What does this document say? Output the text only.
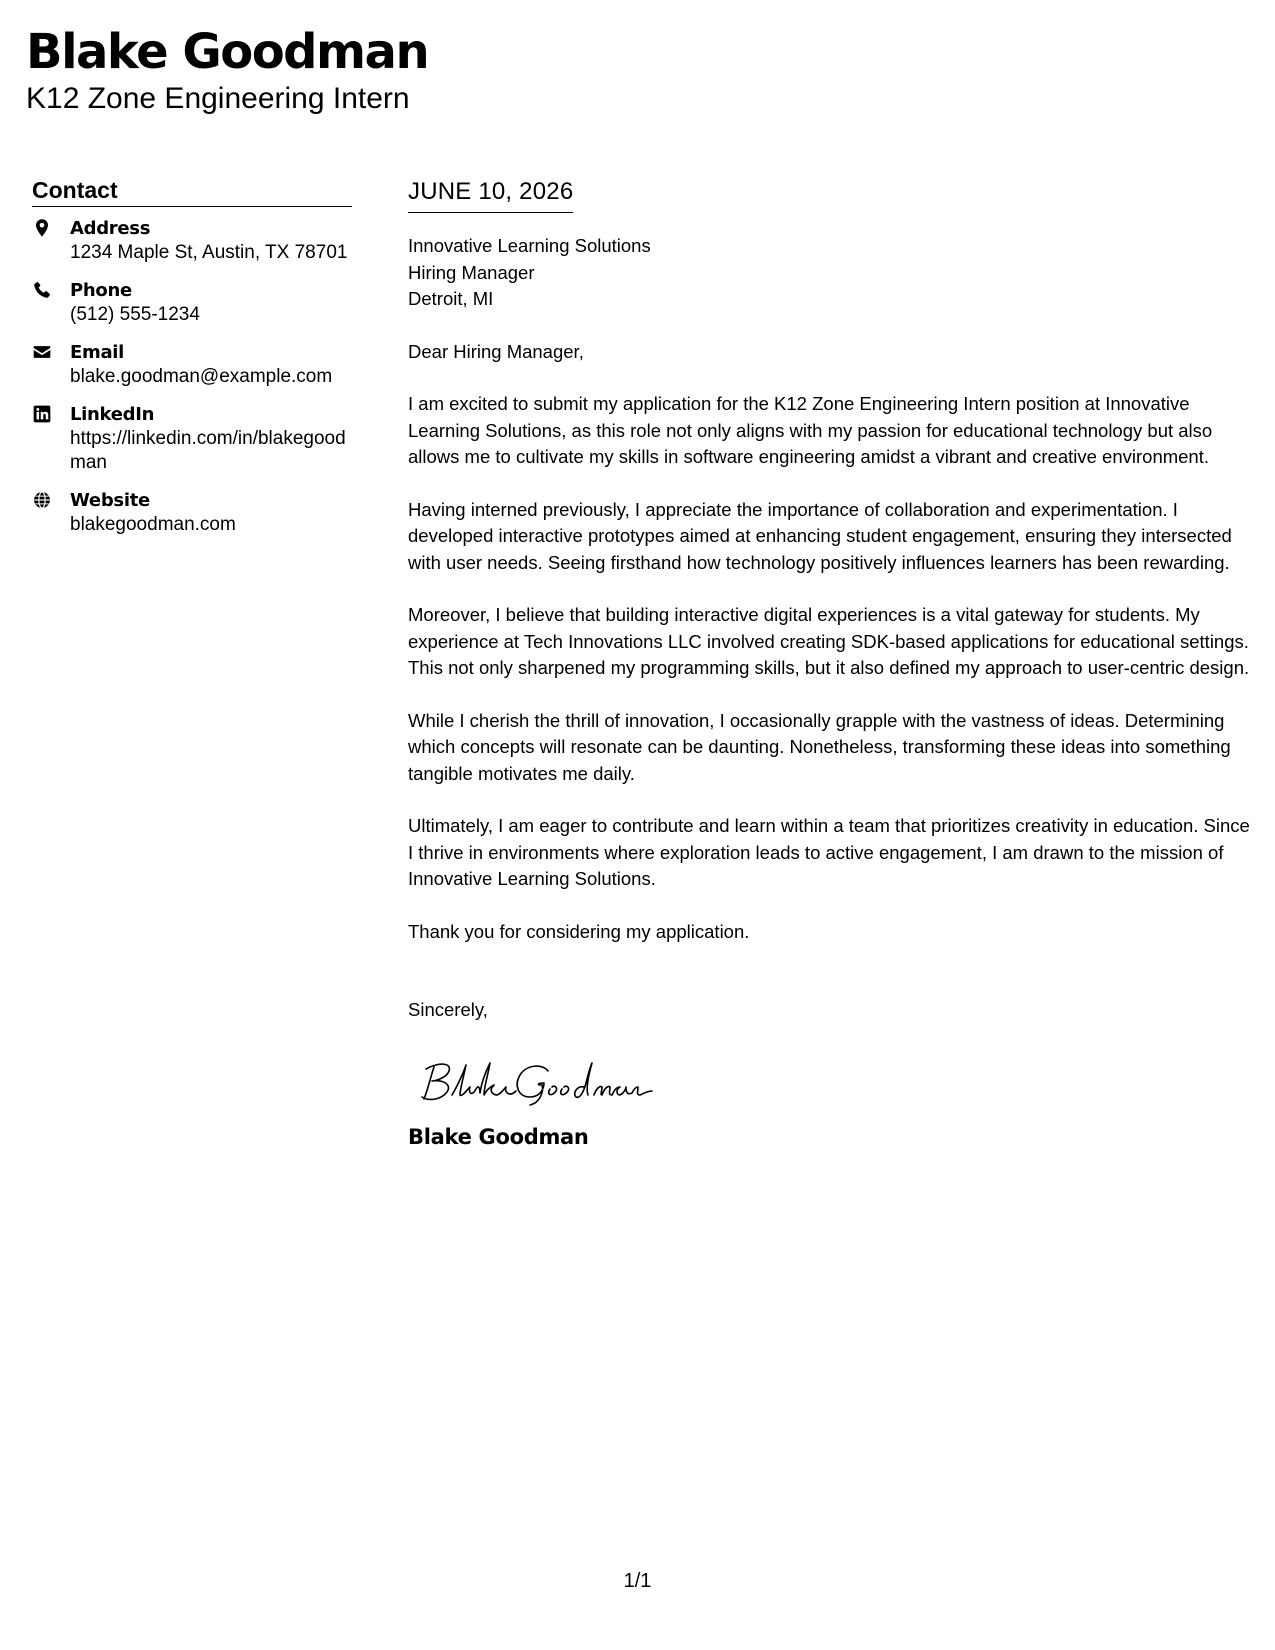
Blake Goodman

K12 Zone Engineering Intern

Contact
Address
1234 Maple St, Austin, TX 78701
Phone
(512) 555-1234
Email
blake.goodman@example.com
LinkedIn
https://linkedin.com/in/blakegoodman
Website
blakegoodman.com
JUNE 10, 2026

Innovative Learning Solutions

Hiring Manager

Detroit, MI

Dear Hiring Manager,

I am excited to submit my application for the K12 Zone Engineering Intern position at Innovative Learning Solutions, as this role not only aligns with my passion for educational technology but also allows me to cultivate my skills in software engineering amidst a vibrant and creative environment.

Having interned previously, I appreciate the importance of collaboration and experimentation. I developed interactive prototypes aimed at enhancing student engagement, ensuring they intersected with user needs. Seeing firsthand how technology positively influences learners has been rewarding.

Moreover, I believe that building interactive digital experiences is a vital gateway for students. My experience at Tech Innovations LLC involved creating SDK-based applications for educational settings. This not only sharpened my programming skills, but it also defined my approach to user-centric design.

While I cherish the thrill of innovation, I occasionally grapple with the vastness of ideas. Determining which concepts will resonate can be daunting. Nonetheless, transforming these ideas into something tangible motivates me daily.

Ultimately, I am eager to contribute and learn within a team that prioritizes creativity in education. Since I thrive in environments where exploration leads to active engagement, I am drawn to the mission of Innovative Learning Solutions.

Thank you for considering my application.

Sincerely,

Blake Goodman

1/1
